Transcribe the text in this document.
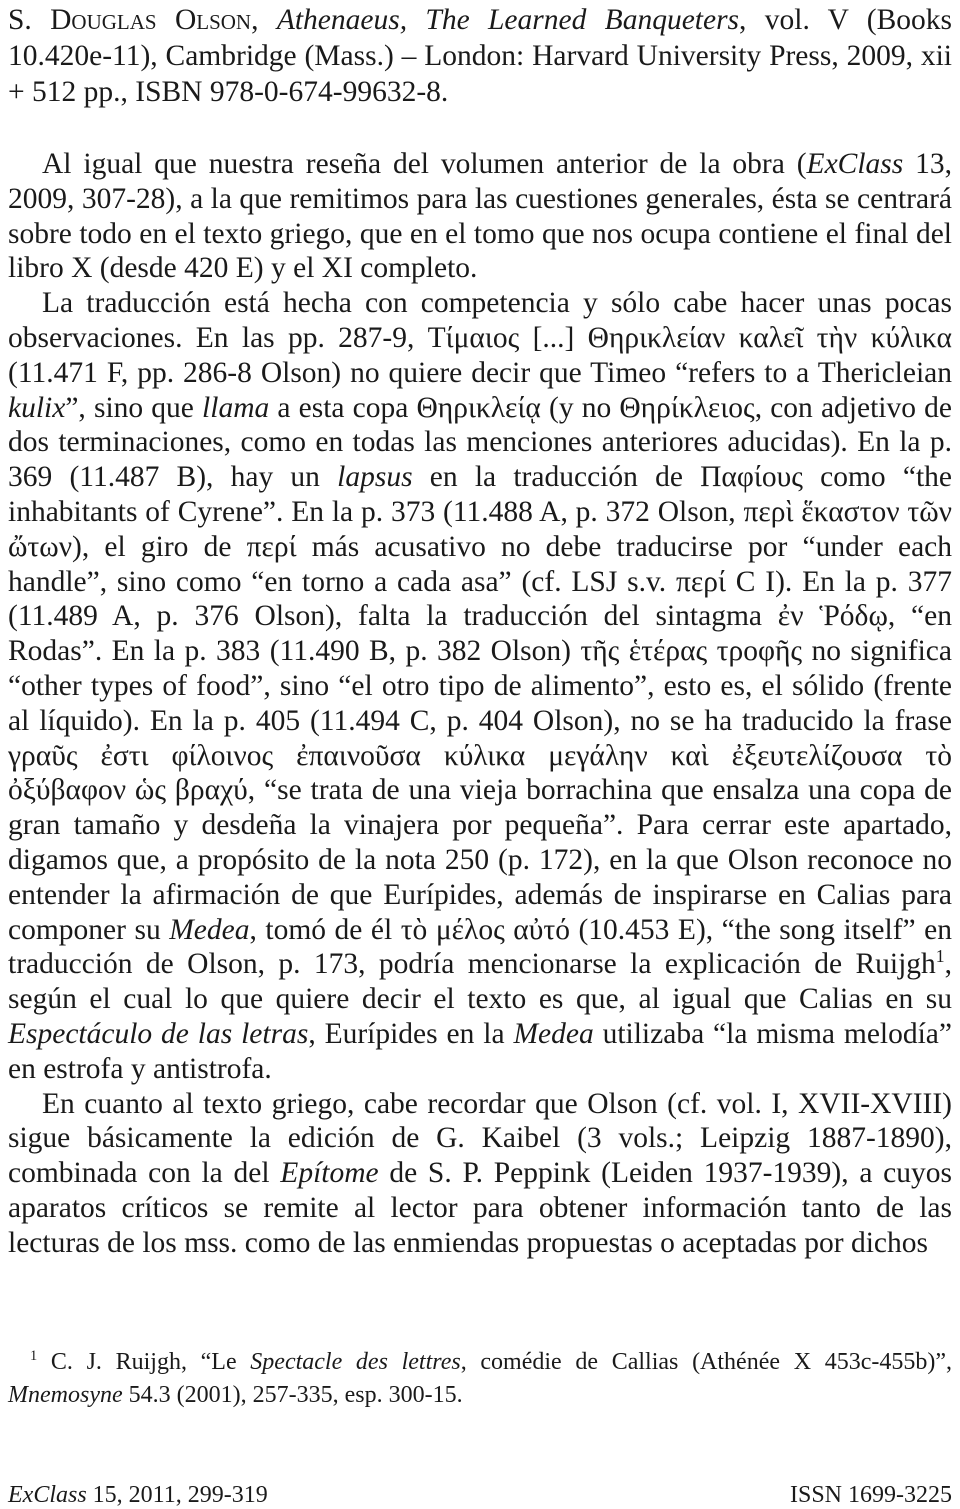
S. Douglas Olson, Athenaeus, The Learned Banqueters, vol. V (Books 10.420e-11), Cambridge (Mass.) – London: Harvard University Press, 2009, xii + 512 pp., ISBN 978-0-674-99632-8.

Al igual que nuestra reseña del volumen anterior de la obra (ExClass 13, 2009, 307-28), a la que remitimos para las cuestiones generales, ésta se centrará sobre todo en el texto griego, que en el tomo que nos ocupa contiene el final del libro X (desde 420 E) y el XI completo.

La traducción está hecha con competencia y sólo cabe hacer unas pocas observaciones. En las pp. 287-9, Τίμαιος [...] Θηρικλείαν καλεῖ τὴν κύλικα (11.471 F, pp. 286-8 Olson) no quiere decir que Timeo “refers to a Thericleian kulix”, sino que llama a esta copa Θηρικλείᾳ (y no Θηρίκλειος, con adjetivo de dos terminaciones, como en todas las menciones anteriores aducidas). En la p. 369 (11.487 B), hay un lapsus en la traducción de Παφίους como “the inhabitants of Cyrene”. En la p. 373 (11.488 A, p. 372 Olson, περὶ ἕκαστον τῶν ὤτων), el giro de περί más acusativo no debe traducirse por “under each handle”, sino como “en torno a cada asa” (cf. LSJ s.v. περί C I). En la p. 377 (11.489 A, p. 376 Olson), falta la traducción del sintagma ἐν Ῥόδῳ, “en Rodas”. En la p. 383 (11.490 B, p. 382 Olson) τῆς ἑτέρας τροφῆς no significa “other types of food”, sino “el otro tipo de alimento”, esto es, el sólido (frente al líquido). En la p. 405 (11.494 C, p. 404 Olson), no se ha traducido la frase γραῦς ἐστι φίλοινος ἐπαινοῦσα κύλικα μεγάλην καὶ ἐξευτελίζουσα τὸ ὀξύβαφον ὡς βραχύ, “se trata de una vieja borrachina que ensalza una copa de gran tamaño y desdeña la vinajera por pequeña”. Para cerrar este apartado, digamos que, a propósito de la nota 250 (p. 172), en la que Olson reconoce no entender la afirmación de que Eurípides, además de inspirarse en Calias para componer su Medea, tomó de él τὸ μέλος αὐτό (10.453 E), “the song itself” en traducción de Olson, p. 173, podría mencionarse la explicación de Ruijgh$^1$, según el cual lo que quiere decir el texto es que, al igual que Calias en su Espectáculo de las letras, Eurípides en la Medea utilizaba “la misma melodía” en estrofa y antistrofa.

En cuanto al texto griego, cabe recordar que Olson (cf. vol. I, XVII-XVIII) sigue básicamente la edición de G. Kaibel (3 vols.; Leipzig 1887-1890), combinada con la del Epítome de S. P. Peppink (Leiden 1937-1939), a cuyos aparatos críticos se remite al lector para obtener información tanto de las lecturas de los mss. como de las enmiendas propuestas o aceptadas por dichos

$^1$ C. J. Ruijgh, “Le Spectacle des lettres, comédie de Callias (Athénée X 453c-455b)”, Mnemosyne 54.3 (2001), 257-335, esp. 300-15.
ExClass 15, 2011, 299-319	ISSN 1699-3225
